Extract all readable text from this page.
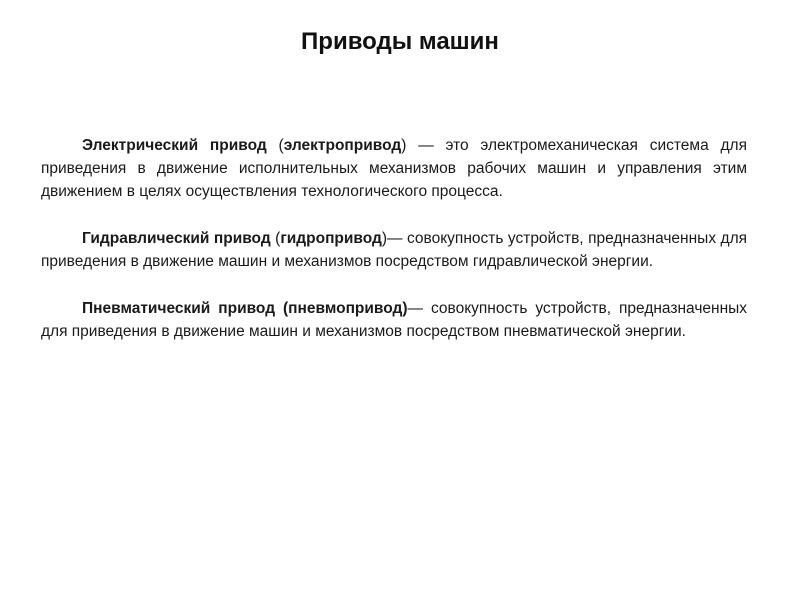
Приводы машин

Электрический привод (электропривод) — это электромеханическая система для приведения в движение исполнительных механизмов рабочих машин и управления этим движением в целях осуществления технологического процесса.

Гидравлический привод (гидропривод)— совокупность устройств, предназначенных для приведения в движение машин и механизмов посредством гидравлической энергии.

Пневматический привод (пневмопривод)— совокупность устройств, предназначенных для приведения в движение машин и механизмов посредством пневматической энергии.
